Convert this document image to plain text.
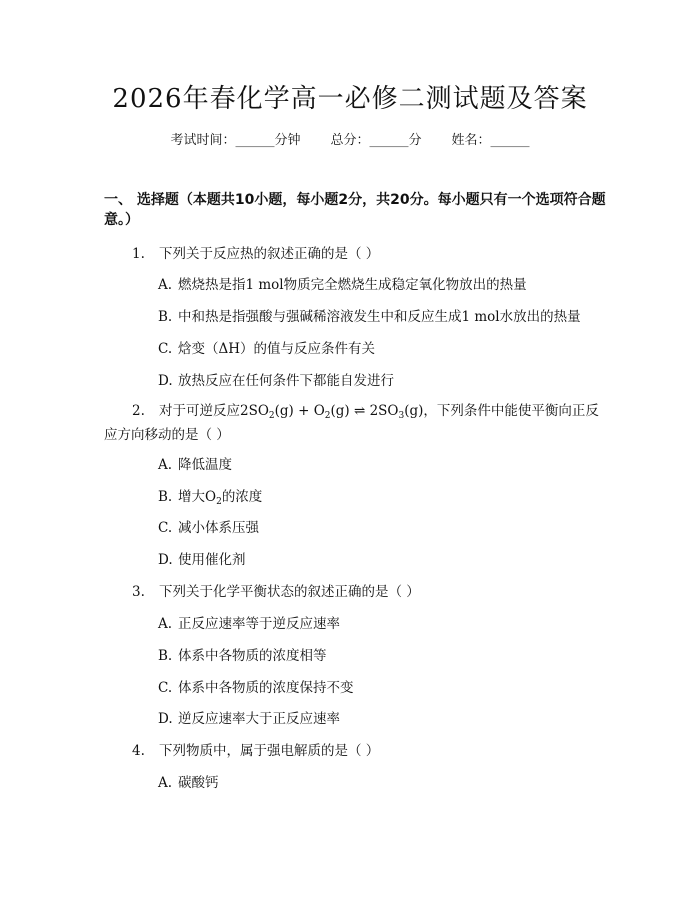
2026年春化学高一必修二测试题及答案
考试时间：______分钟 总分：______分 姓名：______
一、 选择题（本题共10小题，每小题2分，共20分。每小题只有一个选项符合题意。）
1. 下列关于反应热的叙述正确的是（ ）
A. 燃烧热是指1 mol物质完全燃烧生成稳定氧化物放出的热量
B. 中和热是指强酸与强碱稀溶液发生中和反应生成1 mol水放出的热量
C. 焓变（ΔH）的值与反应条件有关
D. 放热反应在任何条件下都能自发进行
2. 对于可逆反应$2SO_2(g) + O_2(g)$ ⇌ $2SO_3(g)$，下列条件中能使平衡向正反
应方向移动的是（ ）
A. 降低温度
B. 增大$O_2$的浓度
C. 减小体系压强
D. 使用催化剂
3. 下列关于化学平衡状态的叙述正确的是（ ）
A. 正反应速率等于逆反应速率
B. 体系中各物质的浓度相等
C. 体系中各物质的浓度保持不变
D. 逆反应速率大于正反应速率
4. 下列物质中，属于强电解质的是（ ）
A. 碳酸钙
